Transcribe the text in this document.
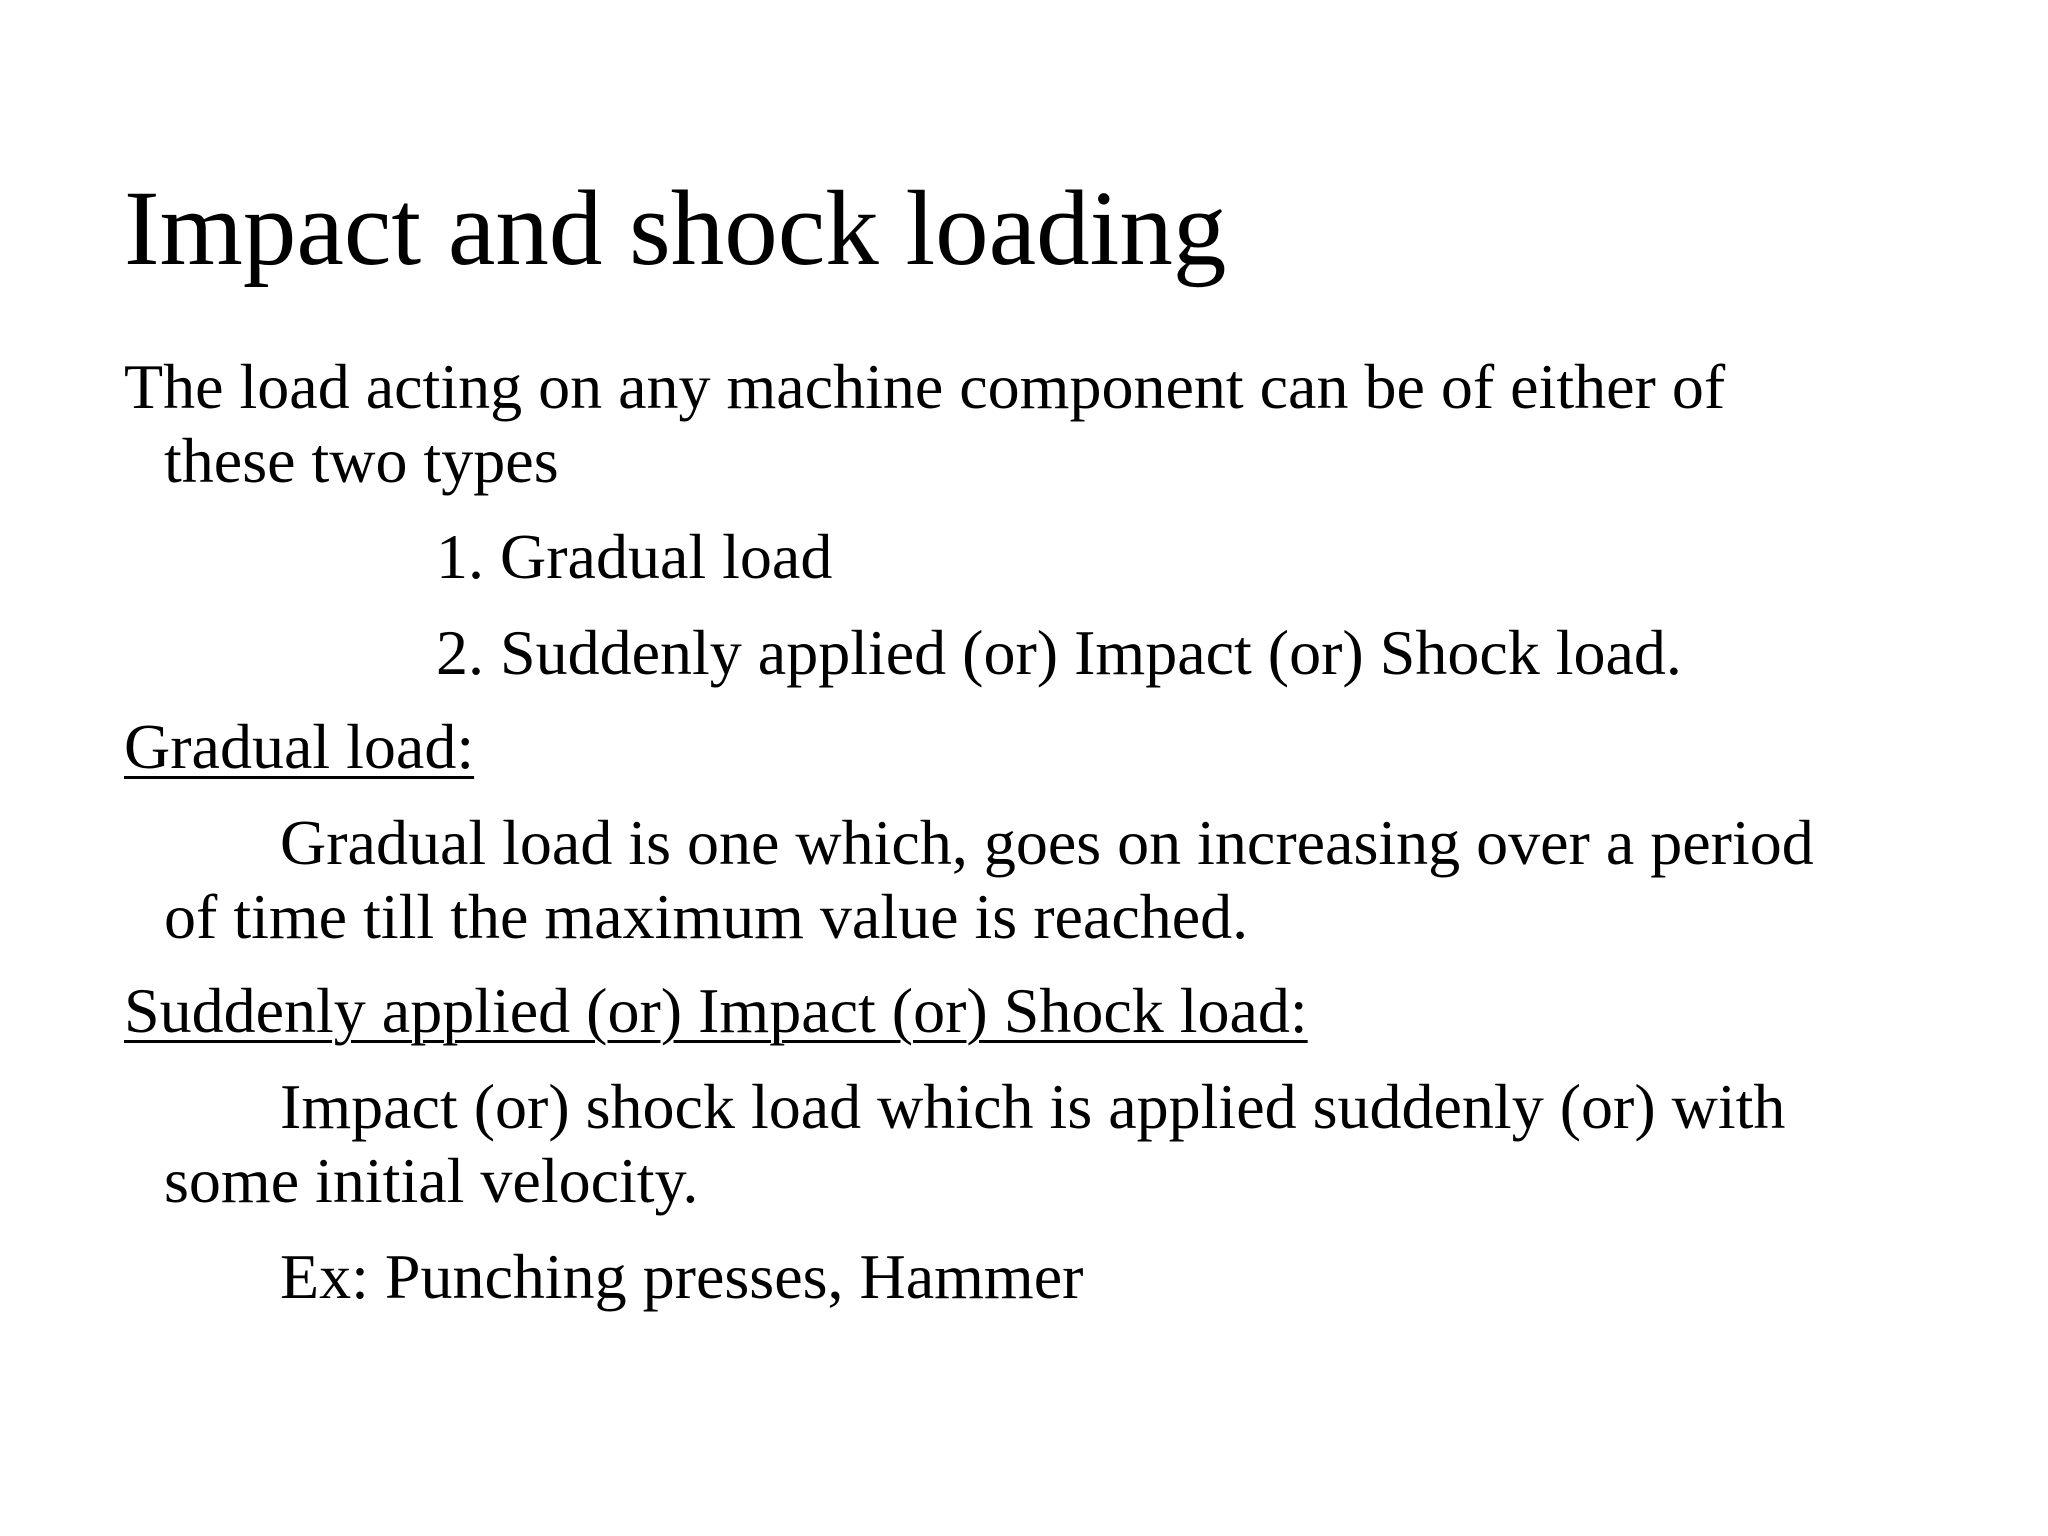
Impact and shock loading

The load acting on any machine component can be of either of
these two types

1. Gradual load

2. Suddenly applied (or) Impact (or) Shock load.

Gradual load:

Gradual load is one which, goes on increasing over a period
of time till the maximum value is reached.

Suddenly applied (or) Impact (or) Shock load:

Impact (or) shock load which is applied suddenly (or) with
some initial velocity.

Ex: Punching presses, Hammer
